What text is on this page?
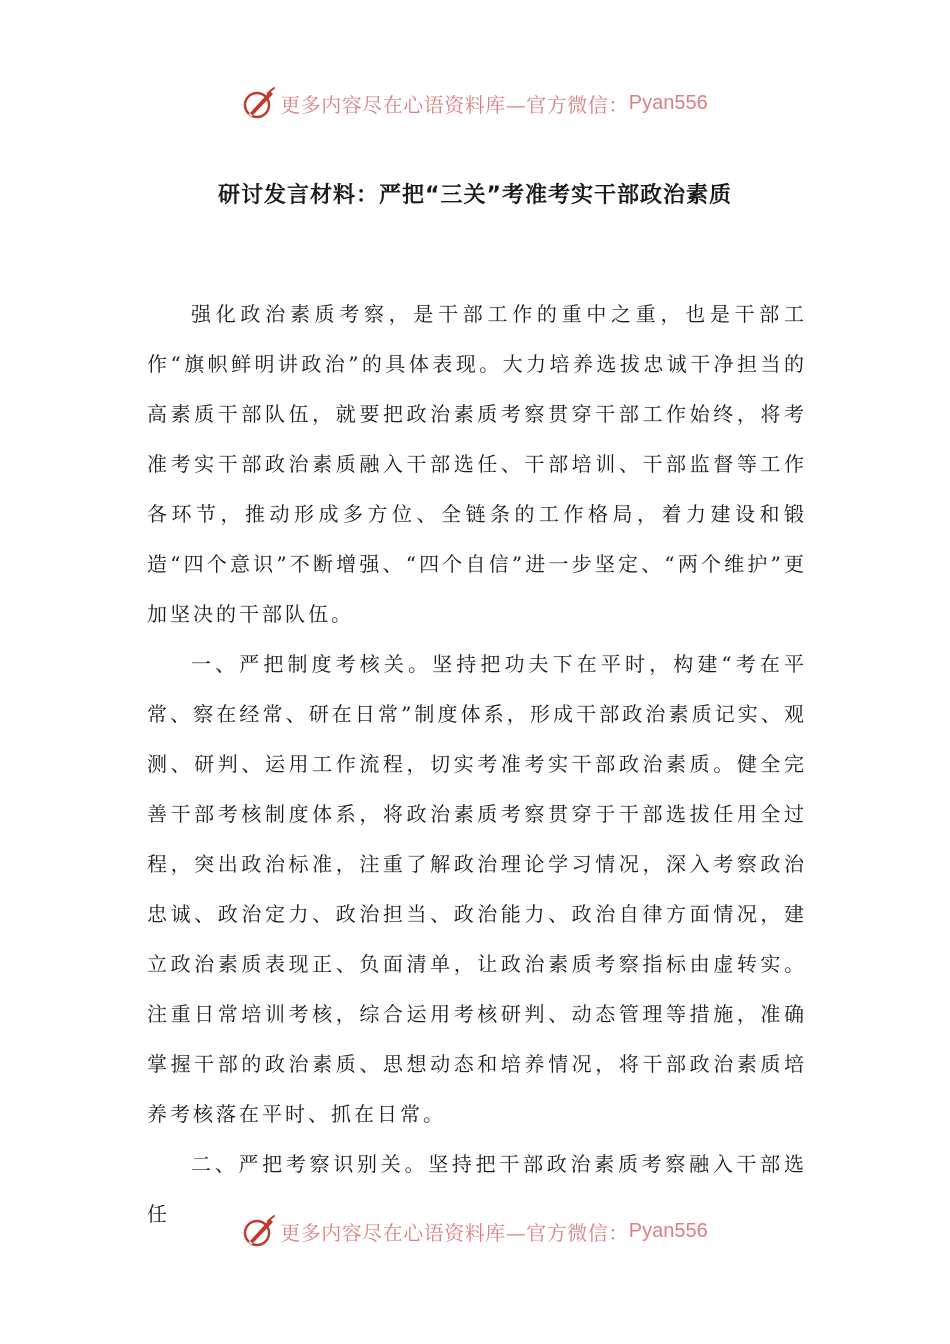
更多内容尽在心语资料库—官方微信： Pyan556
研讨发言材料：严把“三关”考准考实干部政治素质

强化政治素质考察，是干部工作的重中之重，也是干部工作“旗帜鲜明讲政治”的具体表现。大力培养选拔忠诚干净担当的高素质干部队伍，就要把政治素质考察贯穿干部工作始终，将考准考实干部政治素质融入干部选任、干部培训、干部监督等工作各环节，推动形成多方位、全链条的工作格局，着力建设和锻造“四个意识”不断增强、“四个自信”进一步坚定、“两个维护”更加坚决的干部队伍。

一、严把制度考核关。坚持把功夫下在平时，构建“考在平常、察在经常、研在日常”制度体系，形成干部政治素质记实、观测、研判、运用工作流程，切实考准考实干部政治素质。健全完善干部考核制度体系，将政治素质考察贯穿于干部选拔任用全过程，突出政治标准，注重了解政治理论学习情况，深入考察政治忠诚、政治定力、政治担当、政治能力、政治自律方面情况，建立政治素质表现正、负面清单，让政治素质考察指标由虚转实。注重日常培训考核，综合运用考核研判、动态管理等措施，准确掌握干部的政治素质、思想动态和培养情况，将干部政治素质培养考核落在平时、抓在日常。

二、严把考察识别关。坚持把干部政治素质考察融入干部选任

更多内容尽在心语资料库—官方微信： Pyan556
